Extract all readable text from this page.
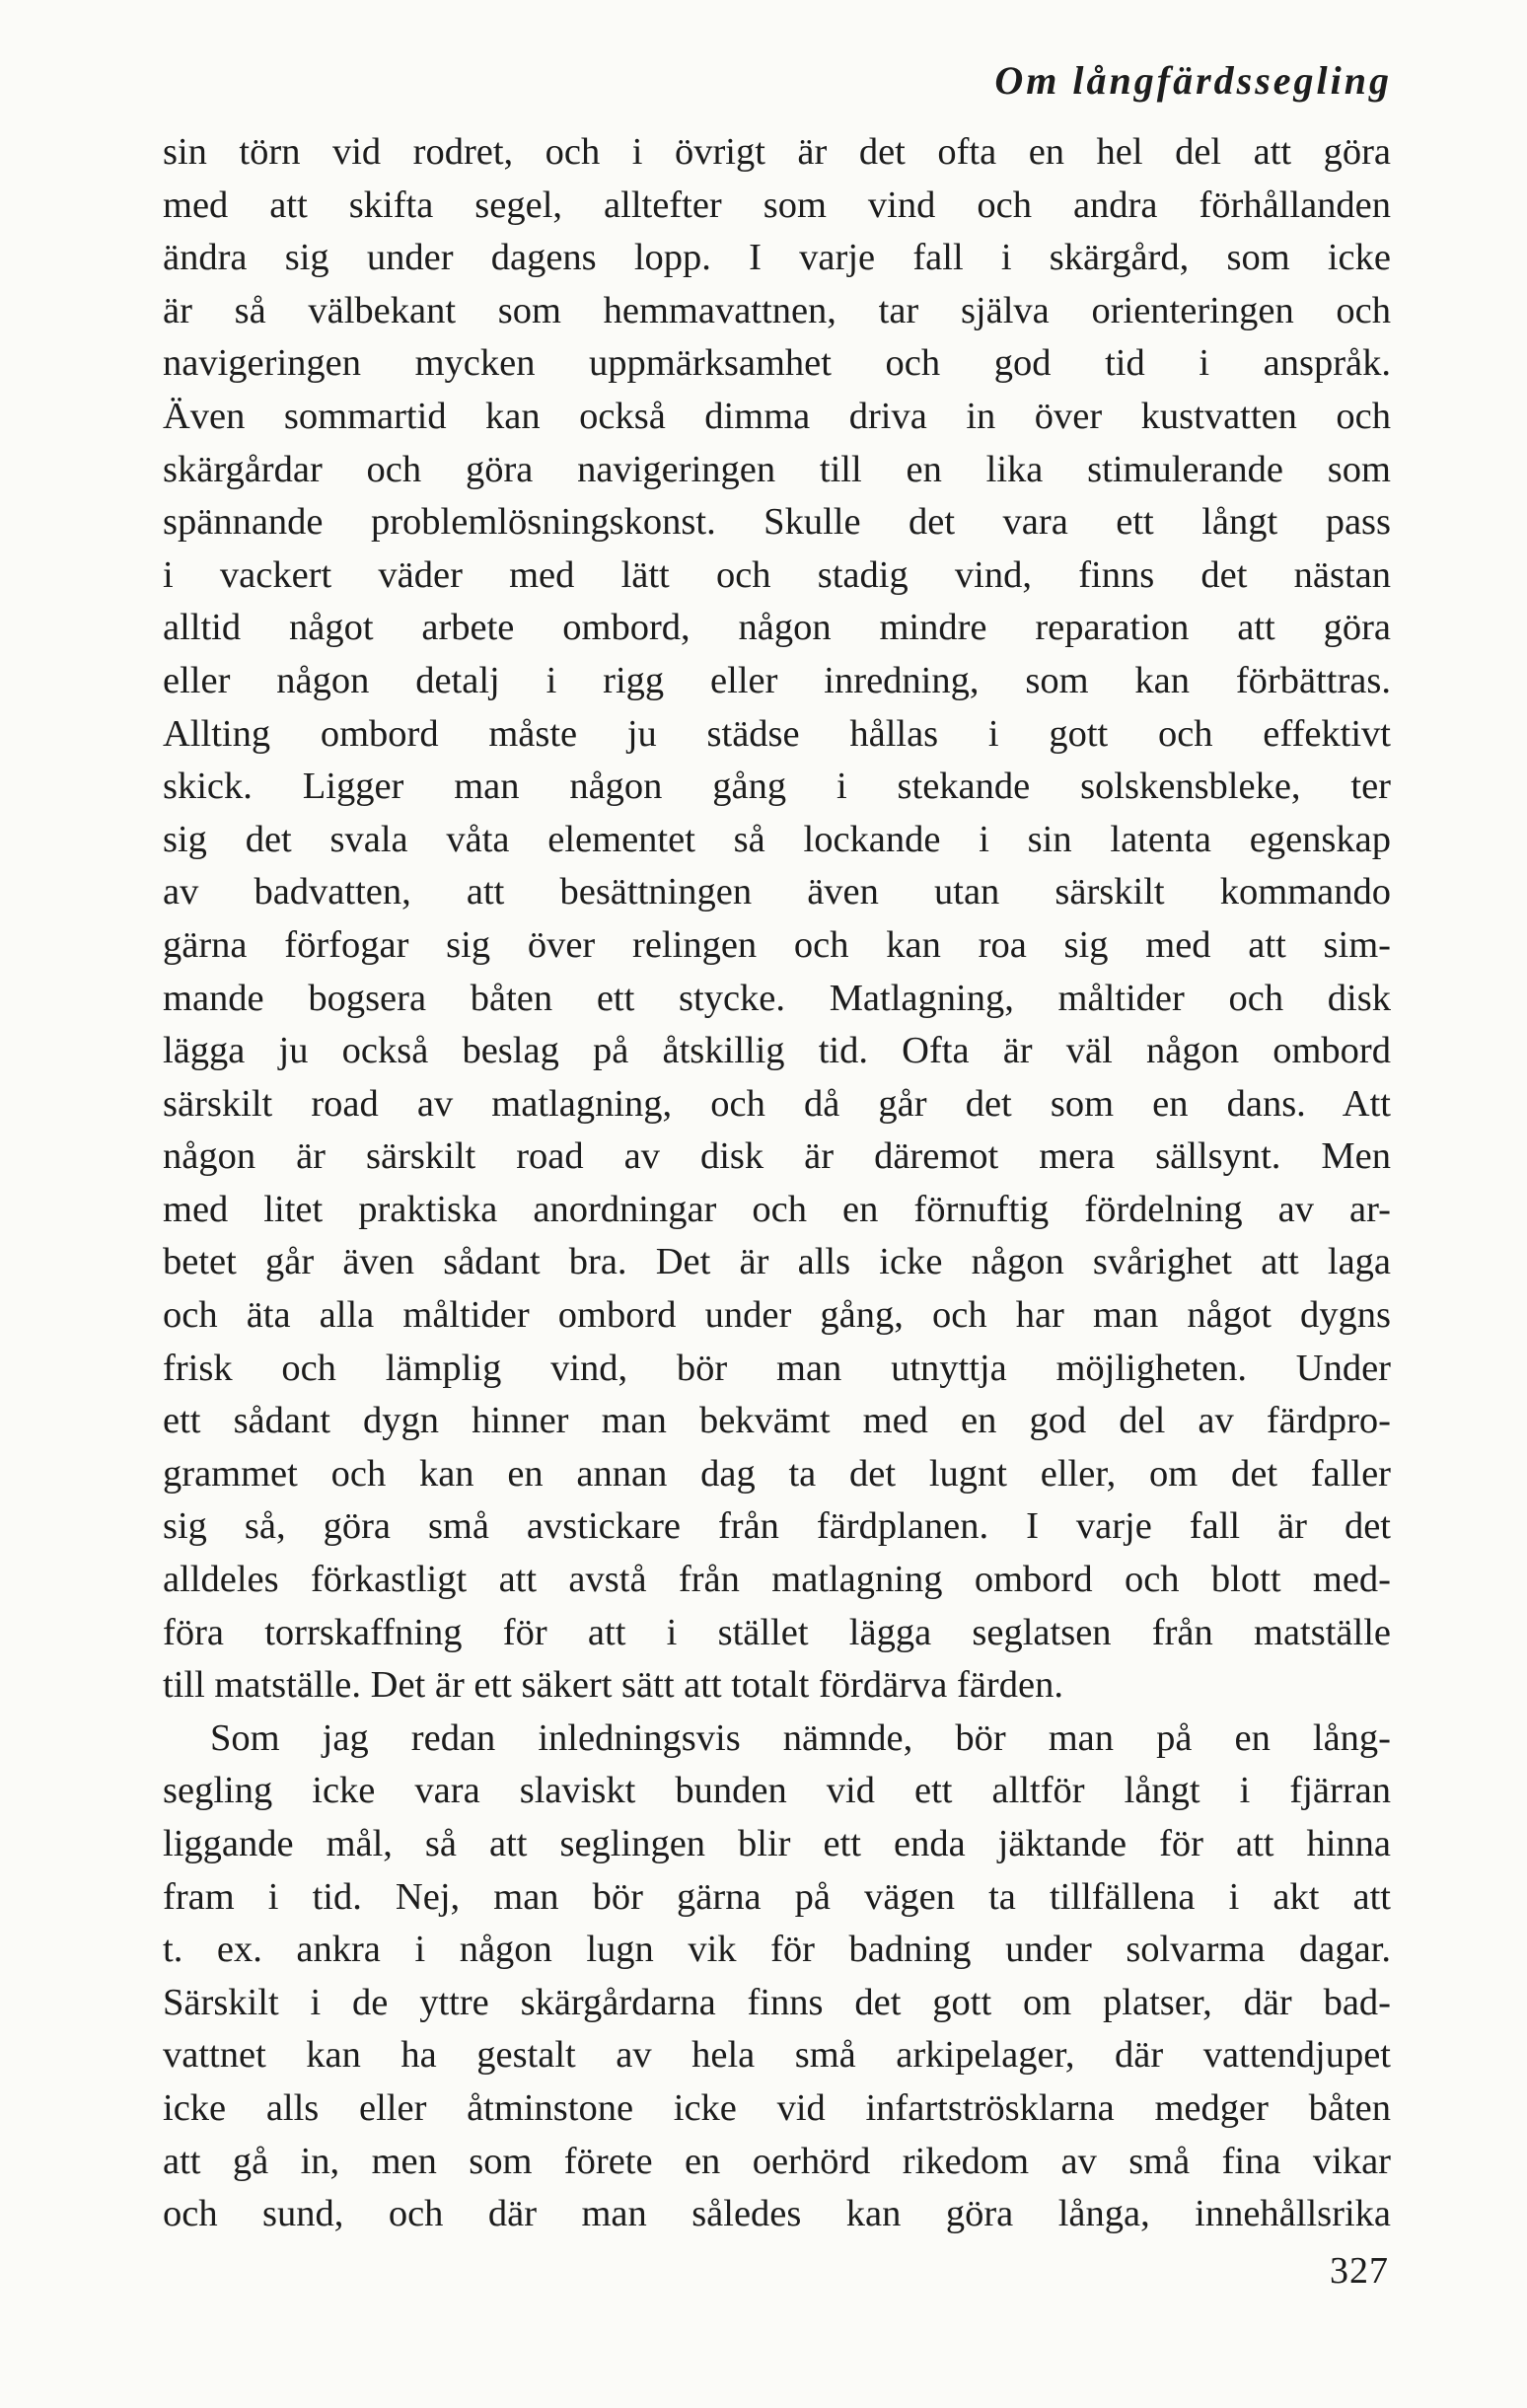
Om långfärdssegling
sin törn vid rodret, och i övrigt är det ofta en hel del att göra
med att skifta segel, alltefter som vind och andra förhållanden
ändra sig under dagens lopp. I varje fall i skärgård, som icke
är så välbekant som hemmavattnen, tar själva orienteringen och
navigeringen mycken uppmärksamhet och god tid i anspråk.
Även sommartid kan också dimma driva in över kustvatten och
skärgårdar och göra navigeringen till en lika stimulerande som
spännande problemlösningskonst. Skulle det vara ett långt pass
i vackert väder med lätt och stadig vind, finns det nästan
alltid något arbete ombord, någon mindre reparation att göra
eller någon detalj i rigg eller inredning, som kan förbättras.
Allting ombord måste ju städse hållas i gott och effektivt
skick. Ligger man någon gång i stekande solskensbleke, ter
sig det svala våta elementet så lockande i sin latenta egenskap
av badvatten, att besättningen även utan särskilt kommando
gärna förfogar sig över relingen och kan roa sig med att sim-
mande bogsera båten ett stycke. Matlagning, måltider och disk
lägga ju också beslag på åtskillig tid. Ofta är väl någon ombord
särskilt road av matlagning, och då går det som en dans. Att
någon är särskilt road av disk är däremot mera sällsynt. Men
med litet praktiska anordningar och en förnuftig fördelning av ar-
betet går även sådant bra. Det är alls icke någon svårighet att laga
och äta alla måltider ombord under gång, och har man något dygns
frisk och lämplig vind, bör man utnyttja möjligheten. Under
ett sådant dygn hinner man bekvämt med en god del av färdpro-
grammet och kan en annan dag ta det lugnt eller, om det faller
sig så, göra små avstickare från färdplanen. I varje fall är det
alldeles förkastligt att avstå från matlagning ombord och blott med-
föra torrskaffning för att i stället lägga seglatsen från matställe
till matställe. Det är ett säkert sätt att totalt fördärva färden.
Som jag redan inledningsvis nämnde, bör man på en lång-
segling icke vara slaviskt bunden vid ett alltför långt i fjärran
liggande mål, så att seglingen blir ett enda jäktande för att hinna
fram i tid. Nej, man bör gärna på vägen ta tillfällena i akt att
t. ex. ankra i någon lugn vik för badning under solvarma dagar.
Särskilt i de yttre skärgårdarna finns det gott om platser, där bad-
vattnet kan ha gestalt av hela små arkipelager, där vattendjupet
icke alls eller åtminstone icke vid infartströsklarna medger båten
att gå in, men som förete en oerhörd rikedom av små fina vikar
och sund, och där man således kan göra långa, innehållsrika
327
